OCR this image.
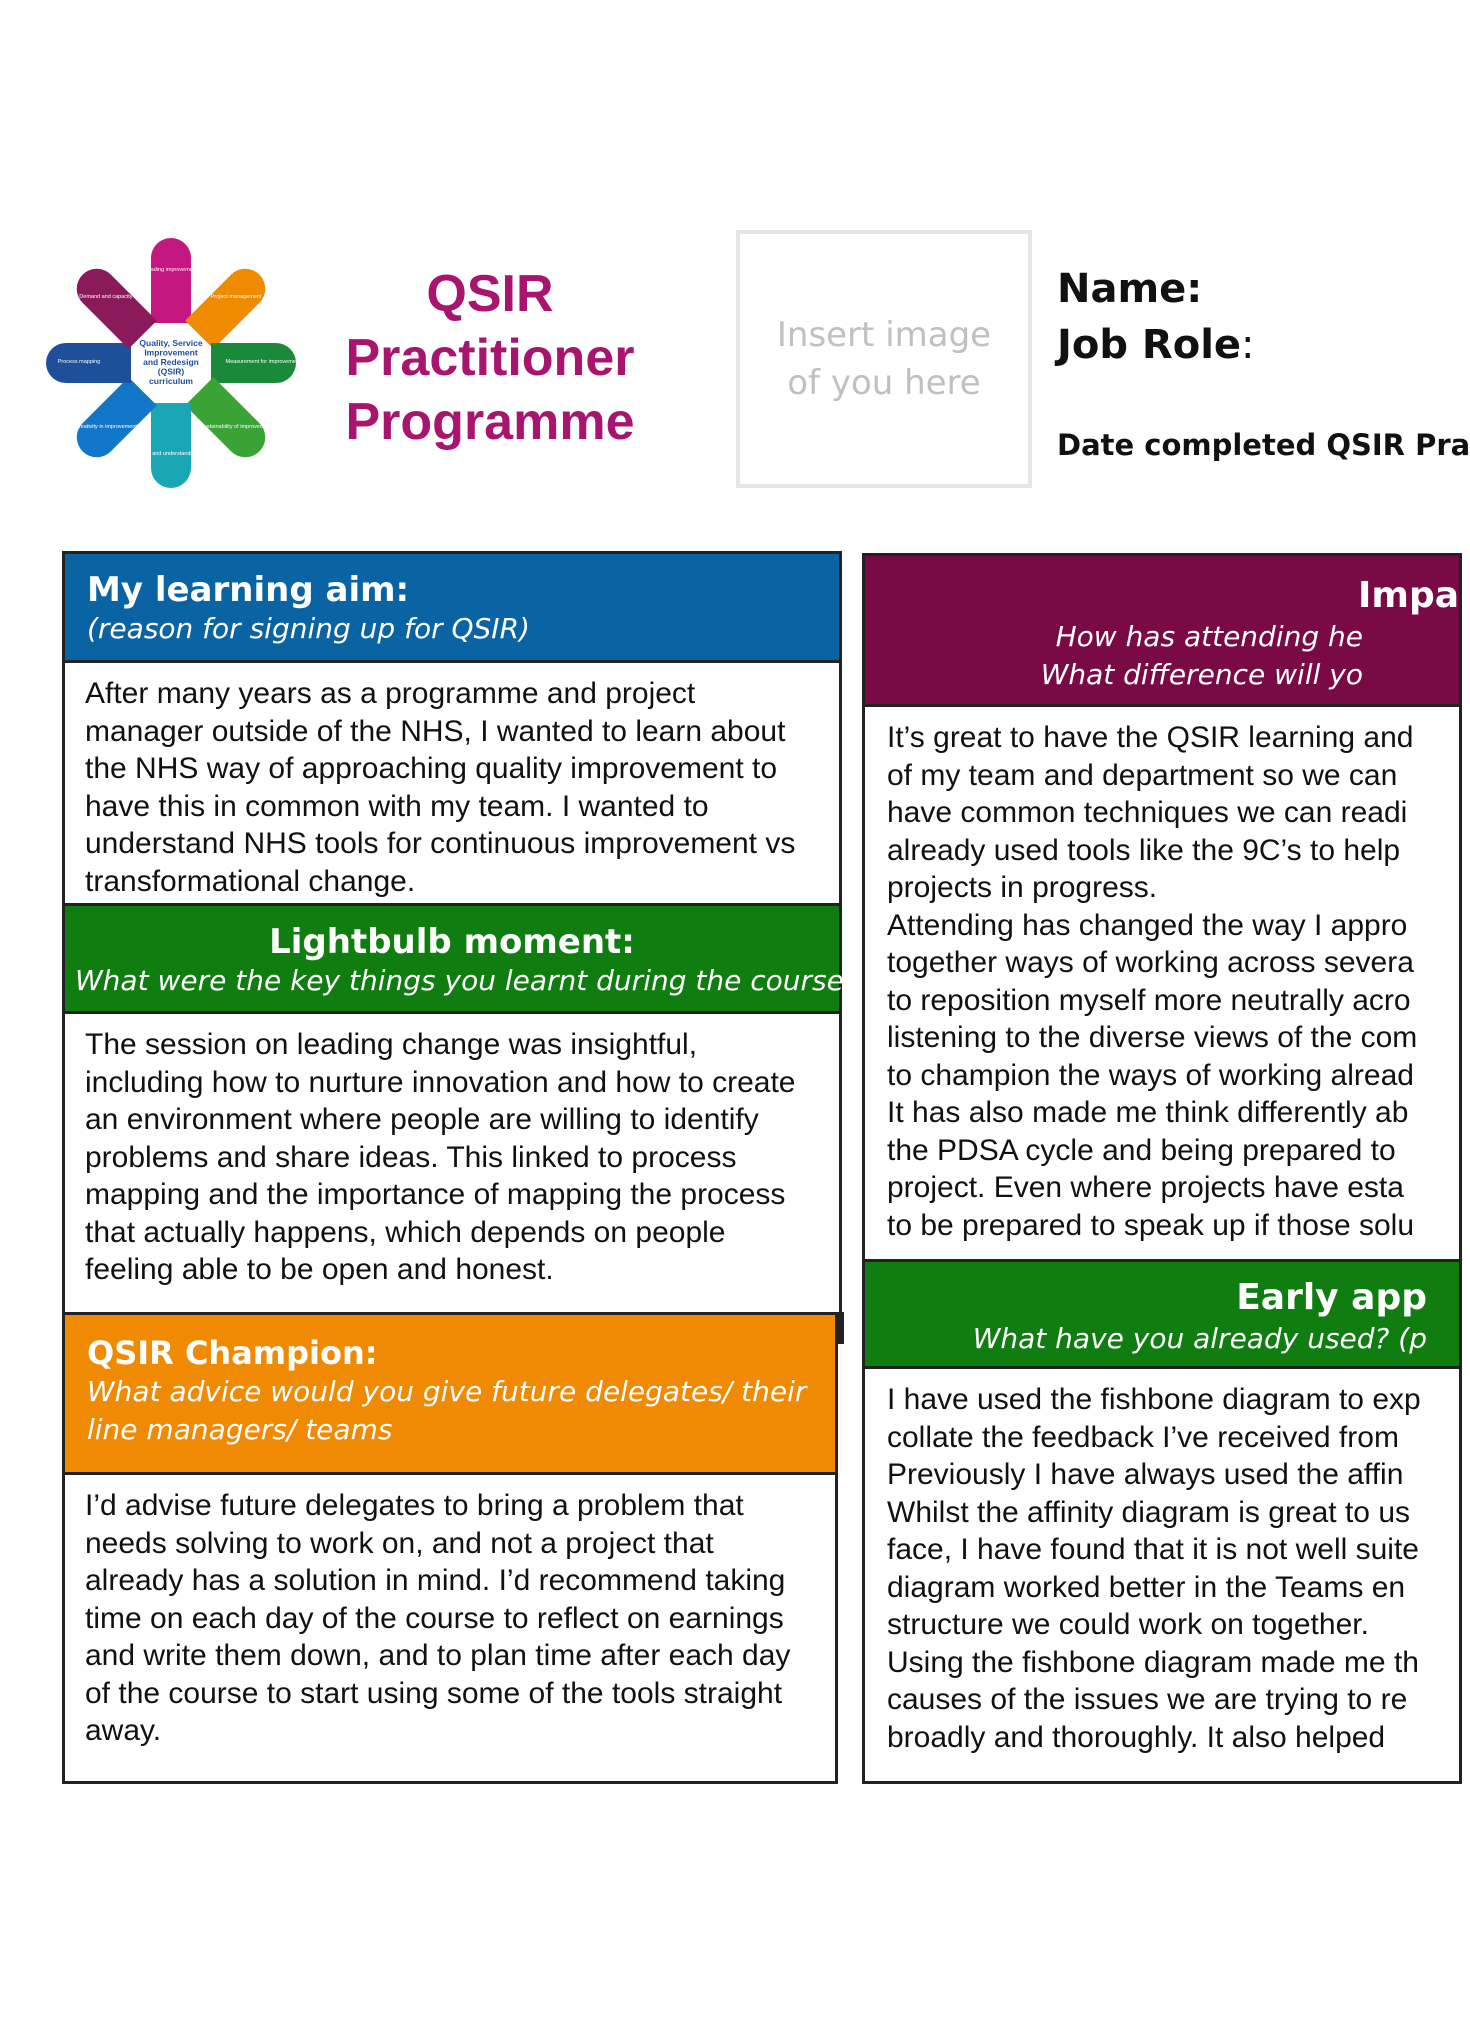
Leading improvement
Project management
Measurement for improvement
Sustainability of improvement
Engaging and understanding others
Creativity in improvement
Process mapping
Demand and capacity
Quality, Service Improvement and Redesign (QSIR) curriculum
QSIR
Practitioner
Programme
Insert image of you here
Name:
Job Role:
Date completed QSIR Pra
My learning aim:
(reason for signing up for QSIR)
After many years as a programme and project manager outside of the NHS, I wanted to learn about the NHS way of approaching quality improvement to have this in common with my team. I wanted to understand NHS tools for continuous improvement vs transformational change.
Lightbulb moment:
What were the key things you learnt during the course?
The session on leading change was insightful, including how to nurture innovation and how to create an environment where people are willing to identify problems and share ideas. This linked to process mapping and the importance of mapping the process that actually happens, which depends on people feeling able to be open and honest.
QSIR Champion:
What advice would you give future delegates/ their line managers/ teams
I’d advise future delegates to bring a problem that needs solving to work on, and not a project that already has a solution in mind. I’d recommend taking time on each day of the course to reflect on earnings and write them down, and to plan time after each day of the course to start using some of the tools straight away.
Impa
How has attending he
What difference will yo
It’s great to have the QSIR learning and
of my team and department so we can
have common techniques we can readi
already used tools like the 9C’s to help
projects in progress.
Attending has changed the way I appro
together ways of working across severa
to reposition myself more neutrally acro
listening to the diverse views of the com
to champion the ways of working alread
It has also made me think differently ab
the PDSA cycle and being prepared to
project. Even where projects have esta
to be prepared to speak up if those solu
Early app
What have you already used? (p
I have used the fishbone diagram to exp
collate the feedback I’ve received from
Previously I have always used the affin
Whilst the affinity diagram is great to us
face, I have found that it is not well suite
diagram worked better in the Teams en
structure we could work on together.
Using the fishbone diagram made me th
causes of the issues we are trying to re
broadly and thoroughly. It also helped
